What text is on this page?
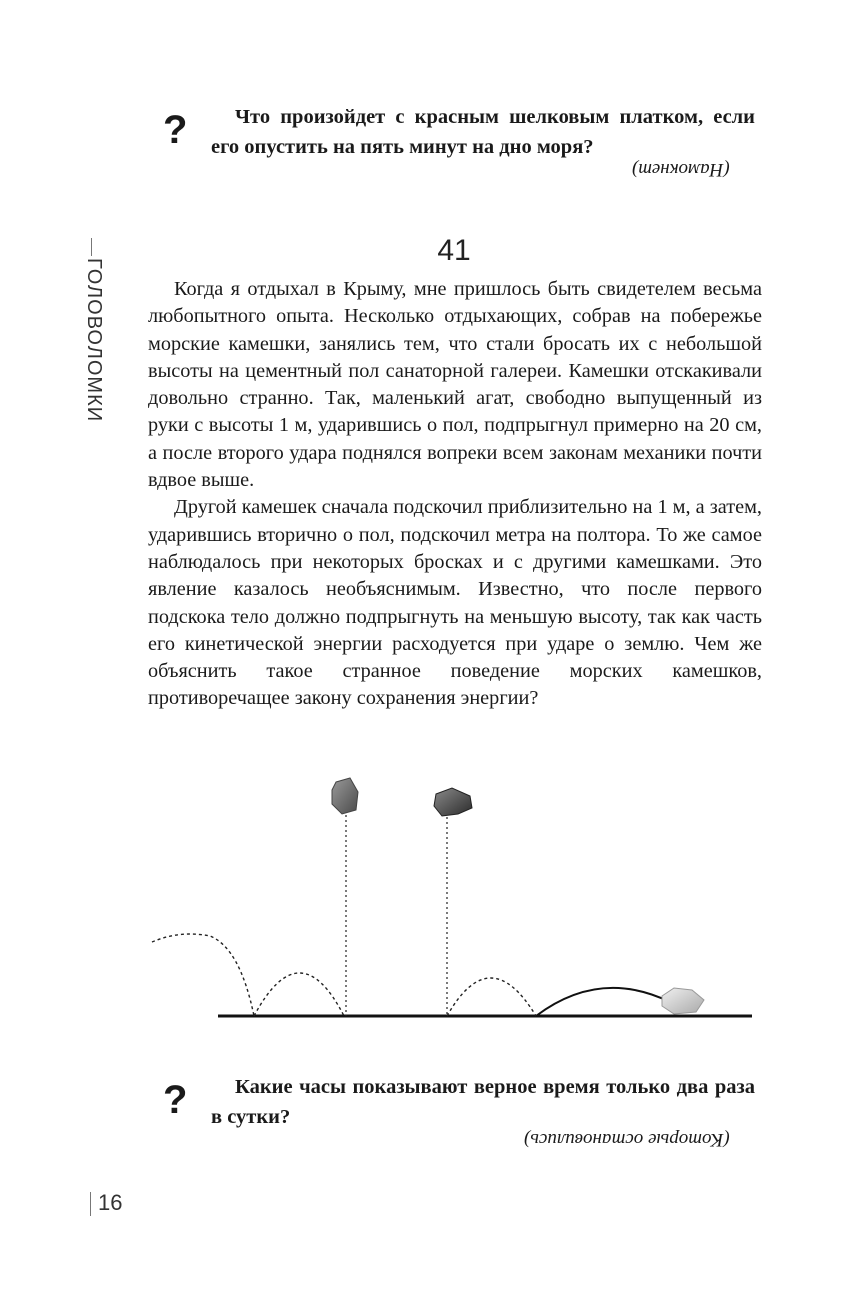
?	Что произойдет с красным шелковым платком, если его опустить на пять минут на дно моря?
(Намокнет)
ГОЛОВОЛОМКИ
41

Когда я отдыхал в Крыму, мне пришлось быть свидетелем весьма любопытного опыта. Несколько отдыхающих, собрав на побережье морские камешки, занялись тем, что стали бросать их с небольшой высоты на цементный пол санаторной галереи. Камешки отскакивали довольно странно. Так, маленький агат, свободно выпущенный из руки с высоты 1 м, ударившись о пол, подпрыгнул примерно на 20 см, а после второго удара поднялся вопреки всем законам механики почти вдвое выше.

Другой камешек сначала подскочил приблизительно на 1 м, а затем, ударившись вторично о пол, подскочил метра на полтора. То же самое наблюдалось при некоторых бросках и с другими камешками. Это явление казалось необъяснимым. Известно, что после первого подскока тело должно подпрыгнуть на меньшую высоту, так как часть его кинетической энергии расходуется при ударе о землю. Чем же объяснить такое странное поведение морских камешков, противоречащее закону сохранения энергии?

?	Какие часы показывают верное время только два раза в сутки?
(Которые остановились)
16
